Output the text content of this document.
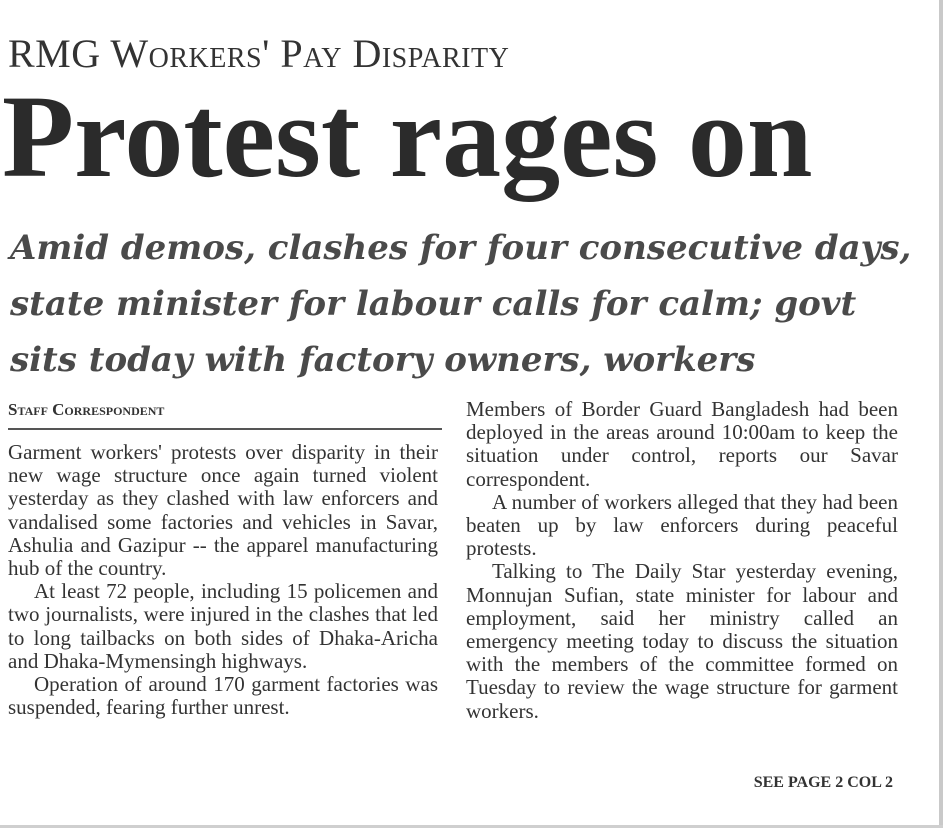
RMG Workers' Pay Disparity
Protest rages on
Amid demos, clashes for four consecutive days,
state minister for labour calls for calm; govt
sits today with factory owners, workers
Staff Correspondent

Garment workers' protests over disparity in their new wage structure once again turned violent yesterday as they clashed with law enforcers and vandalised some factories and vehicles in Savar, Ashulia and Gazipur -- the apparel manufacturing hub of the country.

At least 72 people, including 15 policemen and two journalists, were injured in the clashes that led to long tailbacks on both sides of Dhaka-Aricha and Dhaka-Mymensingh highways.

Operation of around 170 garment factories was suspended, fearing further unrest.

Members of Border Guard Bangladesh had been deployed in the areas around 10:00am to keep the situation under control, reports our Savar correspondent.

A number of workers alleged that they had been beaten up by law enforcers during peaceful protests.

Talking to The Daily Star yesterday evening, Monnujan Sufian, state minister for labour and employment, said her ministry called an emergency meeting today to discuss the situation with the members of the committee formed on Tuesday to review the wage structure for garment workers.

SEE PAGE 2 COL 2
